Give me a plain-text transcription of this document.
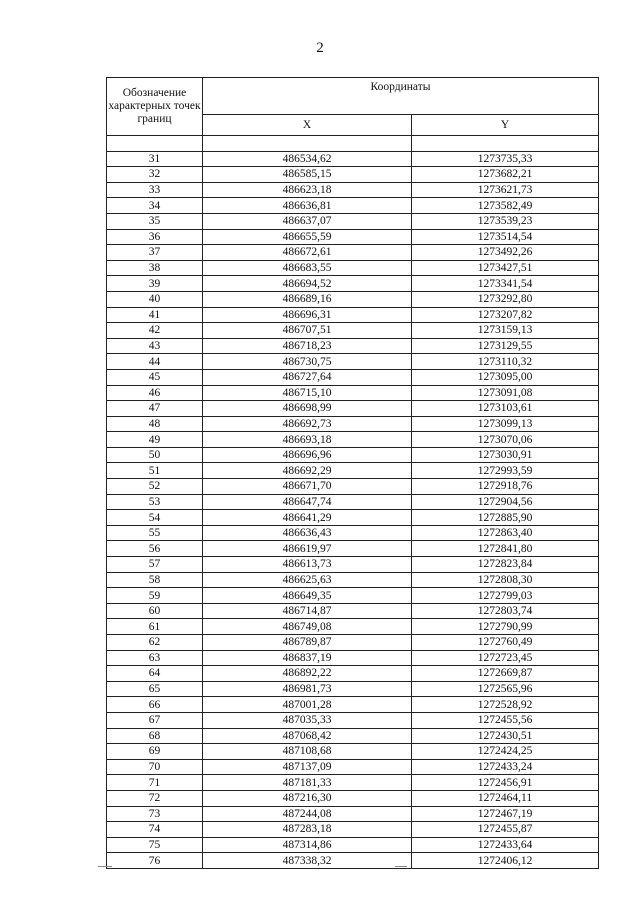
2
Обозначение характерных точек границ	Координаты	
	X	Y

31	486534,62	1273735,33
32	486585,15	1273682,21
33	486623,18	1273621,73
34	486636,81	1273582,49
35	486637,07	1273539,23
36	486655,59	1273514,54
37	486672,61	1273492,26
38	486683,55	1273427,51
39	486694,52	1273341,54
40	486689,16	1273292,80
41	486696,31	1273207,82
42	486707,51	1273159,13
43	486718,23	1273129,55
44	486730,75	1273110,32
45	486727,64	1273095,00
46	486715,10	1273091,08
47	486698,99	1273103,61
48	486692,73	1273099,13
49	486693,18	1273070,06
50	486696,96	1273030,91
51	486692,29	1272993,59
52	486671,70	1272918,76
53	486647,74	1272904,56
54	486641,29	1272885,90
55	486636,43	1272863,40
56	486619,97	1272841,80
57	486613,73	1272823,84
58	486625,63	1272808,30
59	486649,35	1272799,03
60	486714,87	1272803,74
61	486749,08	1272790,99
62	486789,87	1272760,49
63	486837,19	1272723,45
64	486892,22	1272669,87
65	486981,73	1272565,96
66	487001,28	1272528,92
67	487035,33	1272455,56
68	487068,42	1272430,51
69	487108,68	1272424,25
70	487137,09	1272433,24
71	487181,33	1272456,91
72	487216,30	1272464,11
73	487244,08	1272467,19
74	487283,18	1272455,87
75	487314,86	1272433,64
76	487338,32	1272406,12
